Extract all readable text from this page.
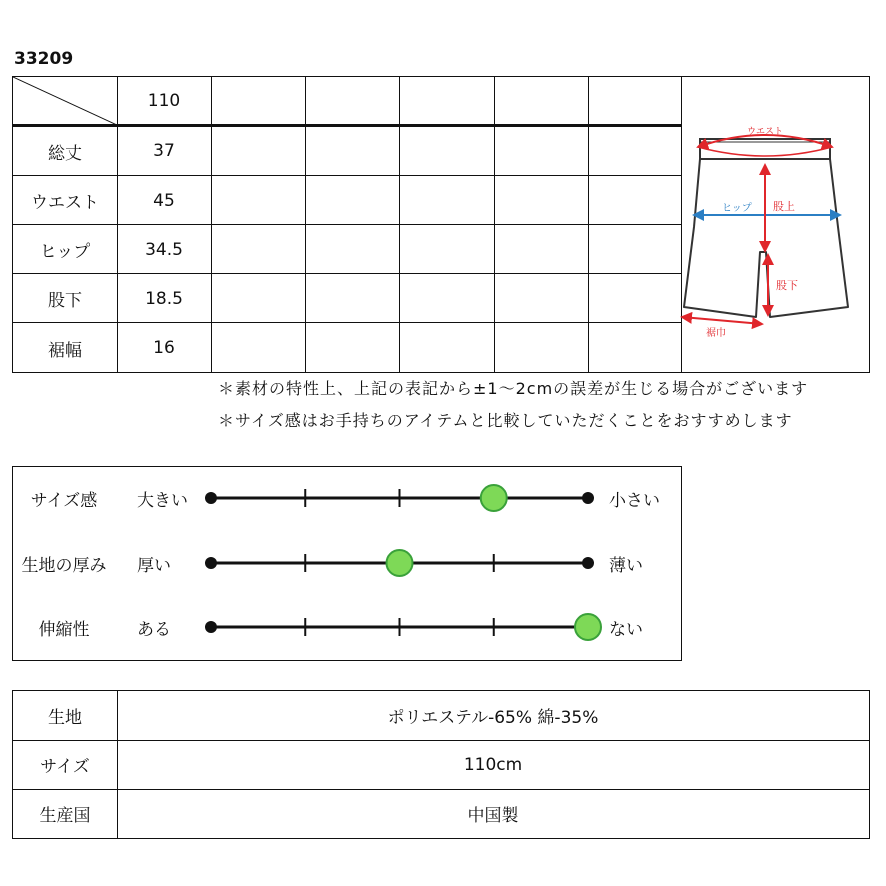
33209
110
総丈	37
ウエスト	45
ヒップ	34.5
股下	18.5
裾幅	16
ウエスト
ヒップ 股上
股下
裾巾
＊素材の特性上、上記の表記から±1〜2cmの誤差が生じる場合がございます
＊サイズ感はお手持ちのアイテムと比較していただくことをおすすめします
サイズ感	大きい	小さい
生地の厚み	厚い	薄い
伸縮性	ある	ない
生地	ポリエステル-65% 綿-35%
サイズ	110cm
生産国	中国製
